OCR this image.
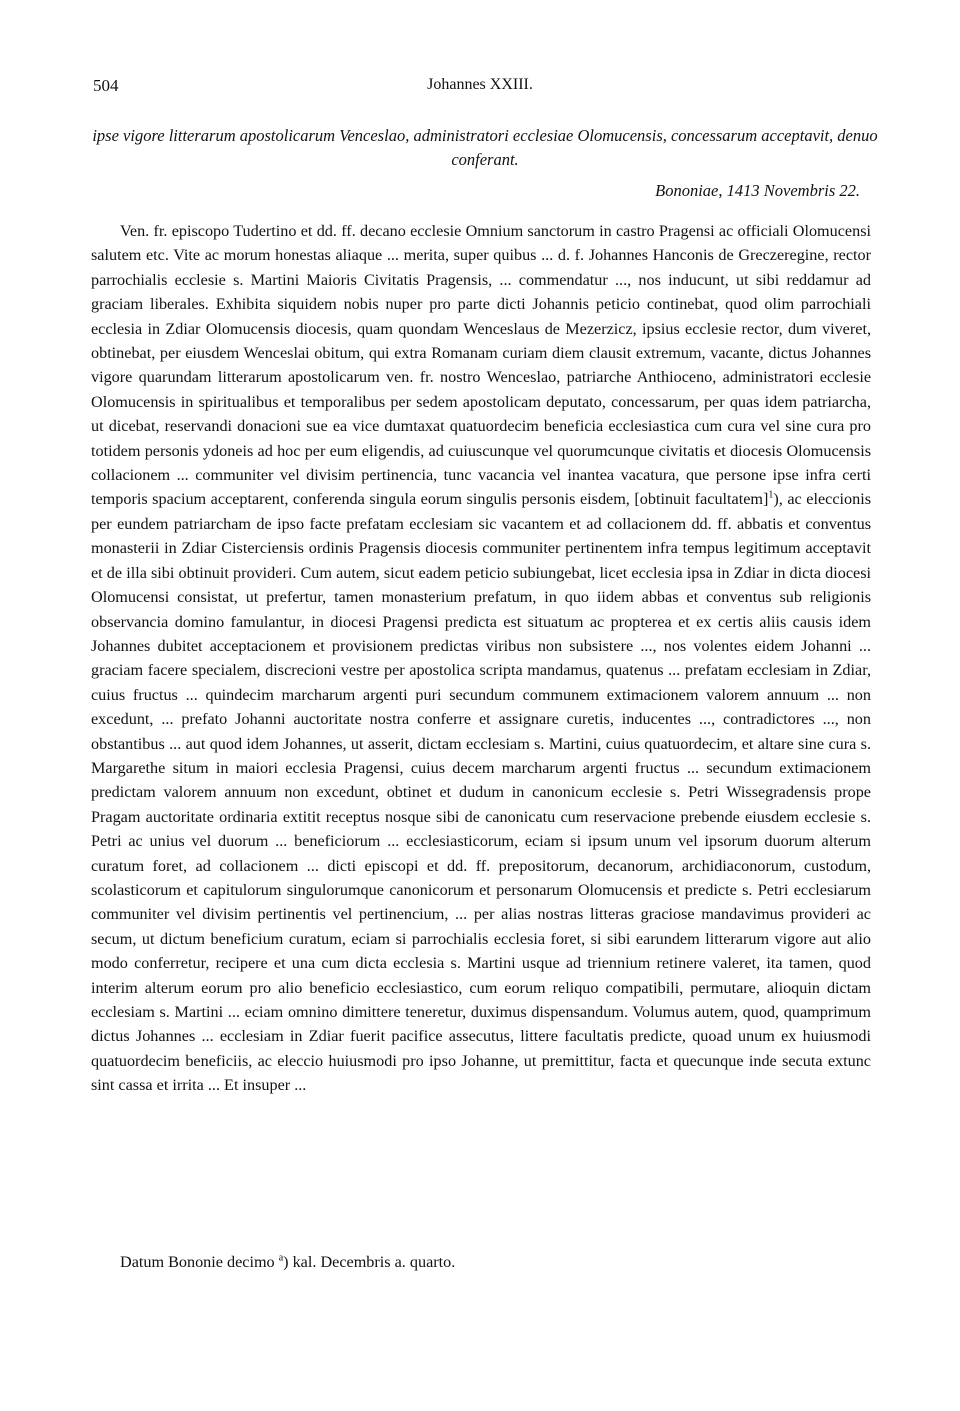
504	Johannes XXIII.
ipse vigore litterarum apostolicarum Venceslao, administratori ecclesiae Olomucensis, concessarum acceptavit, denuo conferant.
Bononiae, 1413 Novembris 22.

Ven. fr. episcopo Tudertino et dd. ff. decano ecclesie Omnium sanctorum in castro Pragensi ac officiali Olomucensi salutem etc. Vite ac morum honestas aliaque ... merita, super quibus ... d. f. Johannes Hanconis de Greczeregine, rector parrochialis ecclesie s. Martini Maioris Civitatis Pragensis, ... commendatur ..., nos inducunt, ut sibi reddamur ad graciam liberales. Exhibita siquidem nobis nuper pro parte dicti Johannis peticio continebat, quod olim parrochiali ecclesia in Zdiar Olomucensis diocesis, quam quondam Wenceslaus de Mezerzicz, ipsius ecclesie rector, dum viveret, obtinebat, per eiusdem Wenceslai obitum, qui extra Romanam curiam diem clausit extremum, vacante, dictus Johannes vigore quarundam litterarum apostolicarum ven. fr. nostro Wenceslao, patriarche Anthioceno, administratori ecclesie Olomucensis in spiritualibus et temporalibus per sedem apostolicam deputato, concessarum, per quas idem patriarcha, ut dicebat, reservandi donacioni sue ea vice dumtaxat quatuordecim beneficia ecclesiastica cum cura vel sine cura pro totidem personis ydoneis ad hoc per eum eligendis, ad cuiuscunque vel quorumcunque civitatis et diocesis Olomucensis collacionem ... communiter vel divisim pertinencia, tunc vacancia vel inantea vacatura, que persone ipse infra certi temporis spacium acceptarent, conferenda singula eorum singulis personis eisdem, [obtinuit facultatem]$^1$), ac eleccionis per eundem patriarcham de ipso facte prefatam ecclesiam sic vacantem et ad collacionem dd. ff. abbatis et conventus monasterii in Zdiar Cisterciensis ordinis Pragensis diocesis communiter pertinentem infra tempus legitimum acceptavit et de illa sibi obtinuit provideri. Cum autem, sicut eadem peticio subiungebat, licet ecclesia ipsa in Zdiar in dicta diocesi Olomucensi consistat, ut prefertur, tamen monasterium prefatum, in quo iidem abbas et conventus sub religionis observancia domino famulantur, in diocesi Pragensi predicta est situatum ac propterea et ex certis aliis causis idem Johannes dubitet acceptacionem et provisionem predictas viribus non subsistere ..., nos volentes eidem Johanni ... graciam facere specialem, discrecioni vestre per apostolica scripta mandamus, quatenus ... prefatam ecclesiam in Zdiar, cuius fructus ... quindecim marcharum argenti puri secundum communem extimacionem valorem annuum ... non excedunt, ... prefato Johanni auctoritate nostra conferre et assignare curetis, inducentes ..., contradictores ..., non obstantibus ... aut quod idem Johannes, ut asserit, dictam ecclesiam s. Martini, cuius quatuordecim, et altare sine cura s. Margarethe situm in maiori ecclesia Pragensi, cuius decem marcharum argenti fructus ... secundum extimacionem predictam valorem annuum non excedunt, obtinet et dudum in canonicum ecclesie s. Petri Wissegradensis prope Pragam auctoritate ordinaria extitit receptus nosque sibi de canonicatu cum reservacione prebende eiusdem ecclesie s. Petri ac unius vel duorum ... beneficiorum ... ecclesiasticorum, eciam si ipsum unum vel ipsorum duorum alterum curatum foret, ad collacionem ... dicti episcopi et dd. ff. prepositorum, decanorum, archidiaconorum, custodum, scolasticorum et capitulorum singulorumque canonicorum et personarum Olomucensis et predicte s. Petri ecclesiarum communiter vel divisim pertinentis vel pertinencium, ... per alias nostras litteras graciose mandavimus provideri ac secum, ut dictum beneficium curatum, eciam si parrochialis ecclesia foret, si sibi earundem litterarum vigore aut alio modo conferretur, recipere et una cum dicta ecclesia s. Martini usque ad triennium retinere valeret, ita tamen, quod interim alterum eorum pro alio beneficio ecclesiastico, cum eorum reliquo compatibili, permutare, alioquin dictam ecclesiam s. Martini ... eciam omnino dimittere teneretur, duximus dispensandum. Volumus autem, quod, quamprimum dictus Johannes ... ecclesiam in Zdiar fuerit pacifice assecutus, littere facultatis predicte, quoad unum ex huiusmodi quatuordecim beneficiis, ac eleccio huiusmodi pro ipso Johanne, ut premittitur, facta et quecunque inde secuta extunc sint cassa et irrita ... Et insuper ...

Datum Bononie decimo $^a$) kal. Decembris a. quarto.
